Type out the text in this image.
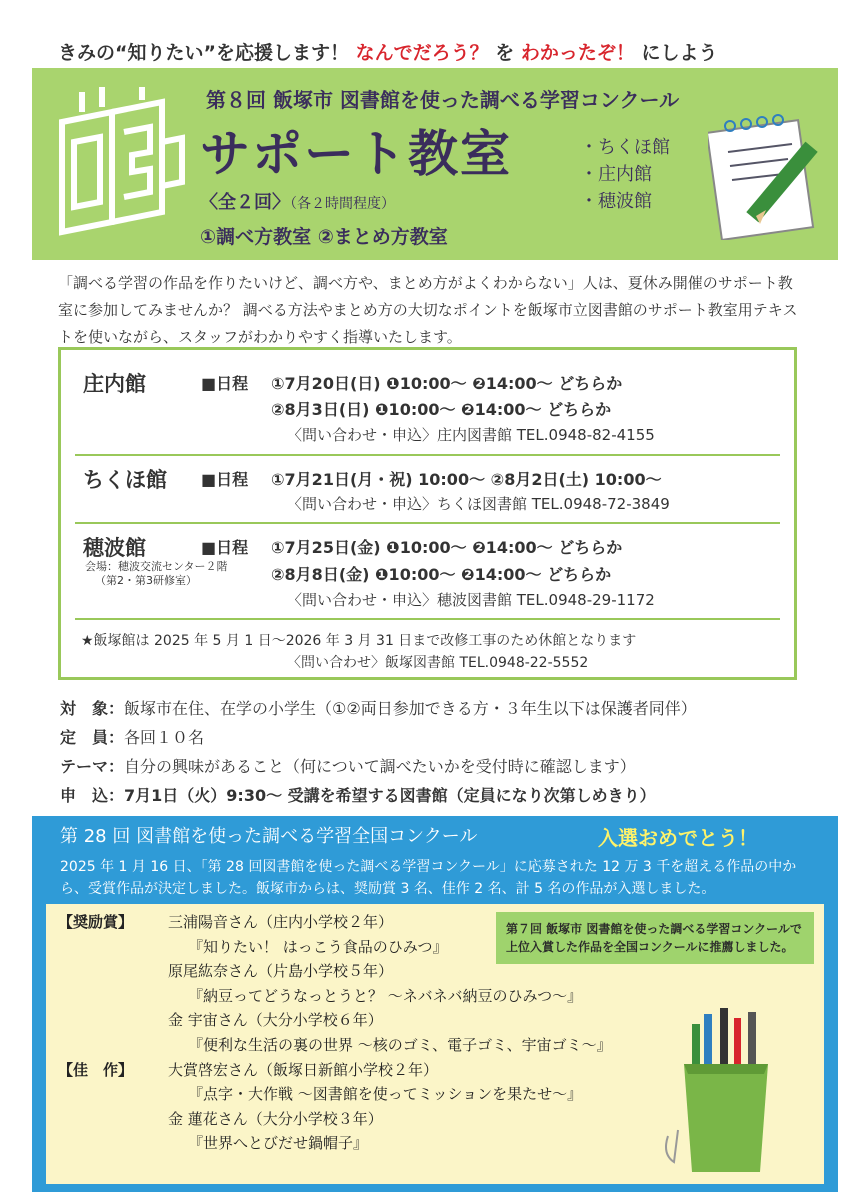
きみの“知りたい”を応援します！ なんでだろう？ を わかったぞ！ にしよう
第８回 飯塚市 図書館を使った調べる学習コンクール
サポート教室
〈全２回〉（各２時間程度）
①調べ方教室 ②まとめ方教室
・ちくほ館
・庄内館
・穂波館
「調べる学習の作品を作りたいけど、調べ方や、まとめ方がよくわからない」人は、夏休み開催のサポート教室に参加してみませんか？ 調べる方法やまとめ方の大切なポイントを飯塚市立図書館のサポート教室用テキストを使いながら、スタッフがわかりやすく指導いたします。
庄内館	■日程 ①7月20日(日) ❶10:00～ ❷14:00～ どちらか
②8月3日(日) ❶10:00～ ❷14:00～ どちらか
〈問い合わせ・申込〉庄内図書館 TEL.0948-82-4155
ちくほ館 ■日程 ①7月21日(月・祝) 10:00～ ②8月2日(土) 10:00～
〈問い合わせ・申込〉ちくほ図書館 TEL.0948-72-3849
穂波館
会場：穂波交流センター２階
（第2・第3研修室）
■日程 ①7月25日(金) ❶10:00～ ❷14:00～ どちらか
②8月8日(金) ❶10:00～ ❷14:00～ どちらか
〈問い合わせ・申込〉穂波図書館 TEL.0948-29-1172
★飯塚館は 2025 年 5 月 1 日～2026 年 3 月 31 日まで改修工事のため休館となります
〈問い合わせ〉飯塚図書館 TEL.0948-22-5552
対　象：飯塚市在住、在学の小学生（①②両日参加できる方・３年生以下は保護者同伴）
定　員：各回１０名
テーマ：自分の興味があること（何について調べたいかを受付時に確認します）
申　込：7月1日（火）9:30～ 受講を希望する図書館（定員になり次第しめきり）
第 28 回 図書館を使った調べる学習全国コンクール	入選おめでとう！
2025 年 1 月 16 日、「第 28 回図書館を使った調べる学習コンクール」に応募された 12 万 3 千を超える作品の中から、受賞作品が決定しました。飯塚市からは、奨励賞 3 名、佳作 2 名、計 5 名の作品が入選しました。
【奨励賞】 三浦陽音さん（庄内小学校２年）
『知りたい！ はっこう食品のひみつ』
原尾紘奈さん（片島小学校５年）
『納豆ってどうなっとうと？ ～ネバネバ納豆のひみつ～』
金 宇宙さん（大分小学校６年）
『便利な生活の裏の世界 ～核のゴミ、電子ゴミ、宇宙ゴミ～』
【佳　作】 大賞啓宏さん（飯塚日新館小学校２年）
『点字・大作戦 ～図書館を使ってミッションを果たせ～』
金 蓮花さん（大分小学校３年）
『世界へとびだせ鍋帽子』
第７回 飯塚市 図書館を使った調べる学習コンクールで上位入賞した作品を全国コンクールに推薦しました。
